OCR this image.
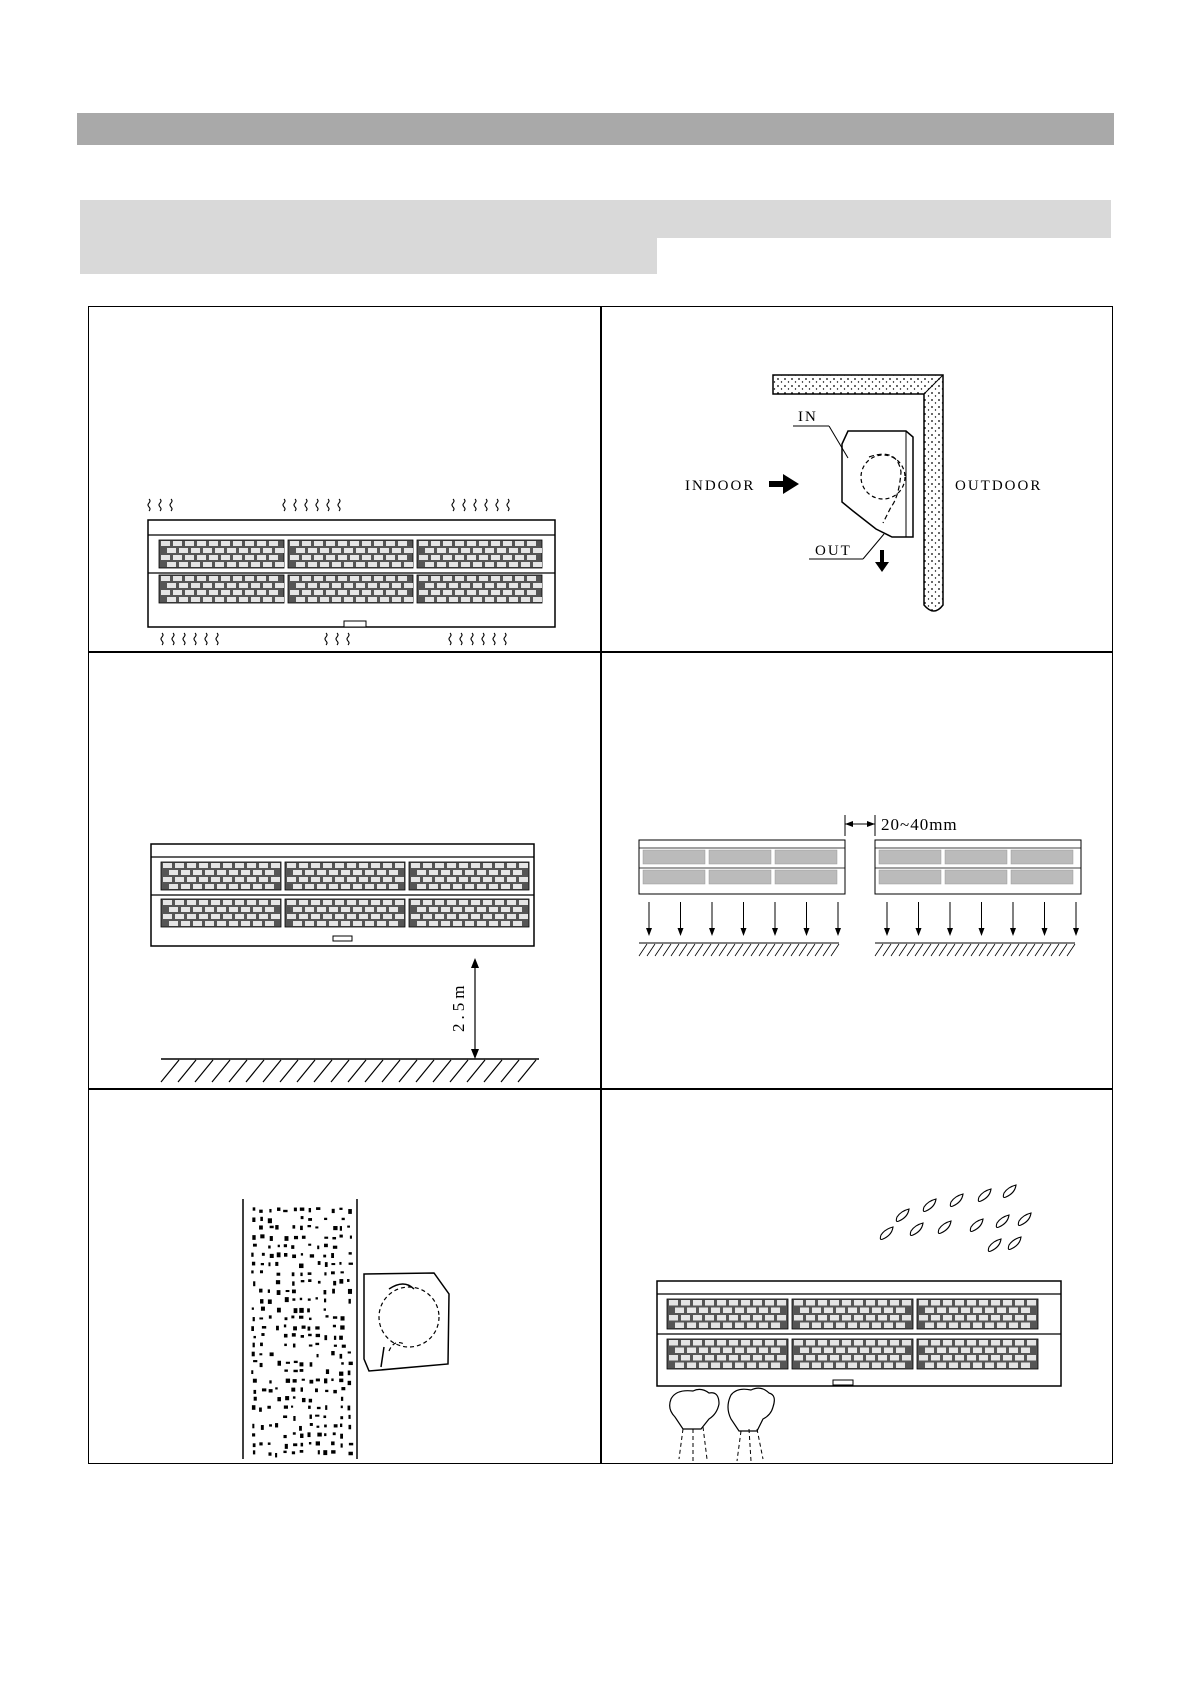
INDOOR	OUTDOOR
IN
OUT
2.5m
20~40mm
